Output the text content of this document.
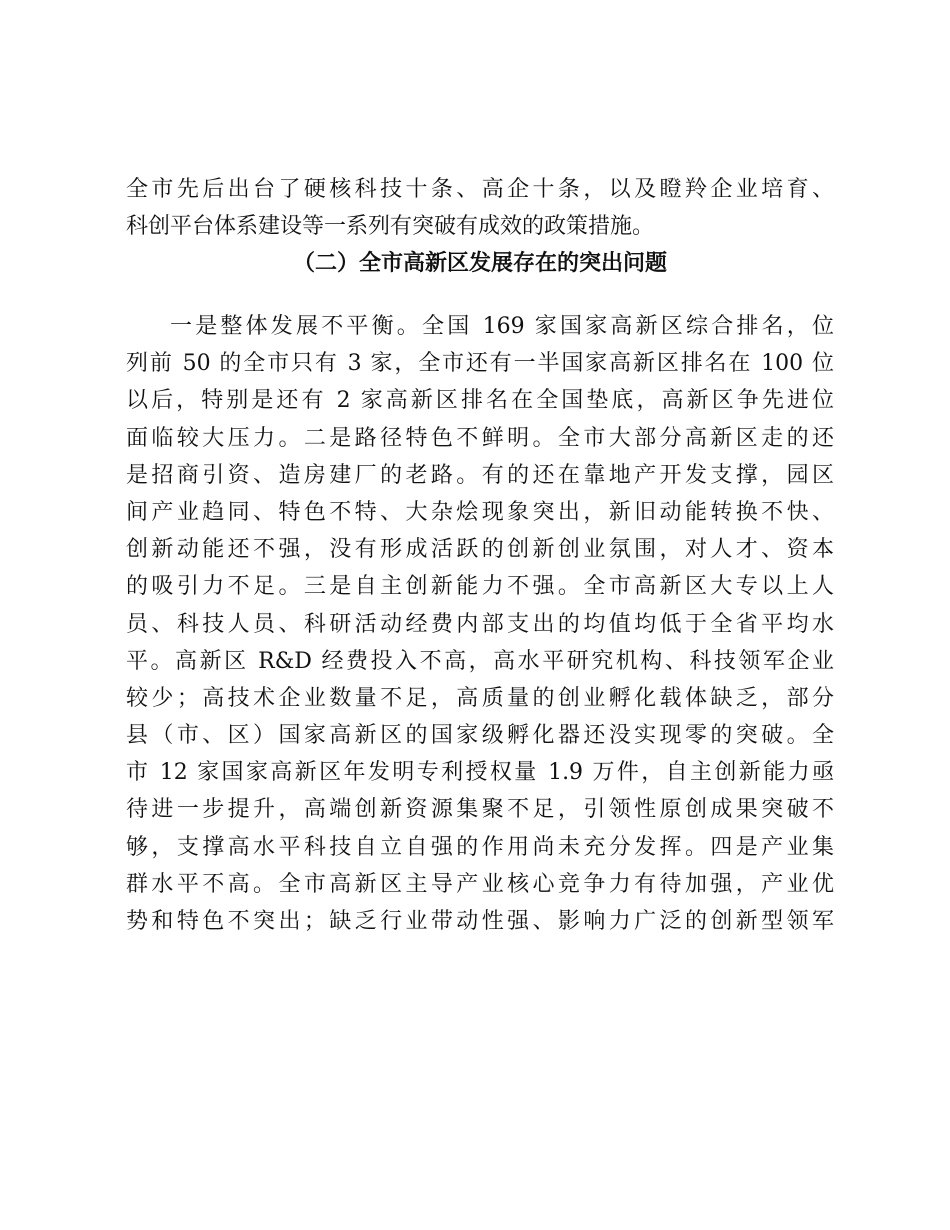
全市先后出台了硬核科技十条、高企十条，以及瞪羚企业培育、
科创平台体系建设等一系列有突破有成效的政策措施。
（二）全市高新区发展存在的突出问题
一是整体发展不平衡。全国 169 家国家高新区综合排名，位
列前 50 的全市只有 3 家，全市还有一半国家高新区排名在 100 位
以后，特别是还有 2 家高新区排名在全国垫底，高新区争先进位
面临较大压力。二是路径特色不鲜明。全市大部分高新区走的还
是招商引资、造房建厂的老路。有的还在靠地产开发支撑，园区
间产业趋同、特色不特、大杂烩现象突出，新旧动能转换不快、
创新动能还不强，没有形成活跃的创新创业氛围，对人才、资本
的吸引力不足。三是自主创新能力不强。全市高新区大专以上人
员、科技人员、科研活动经费内部支出的均值均低于全省平均水
平。高新区 R&D 经费投入不高，高水平研究机构、科技领军企业
较少；高技术企业数量不足，高质量的创业孵化载体缺乏，部分
县（市、区）国家高新区的国家级孵化器还没实现零的突破。全
市 12 家国家高新区年发明专利授权量 1.9 万件，自主创新能力亟
待进一步提升，高端创新资源集聚不足，引领性原创成果突破不
够，支撑高水平科技自立自强的作用尚未充分发挥。四是产业集
群水平不高。全市高新区主导产业核心竞争力有待加强，产业优
势和特色不突出；缺乏行业带动性强、影响力广泛的创新型领军
